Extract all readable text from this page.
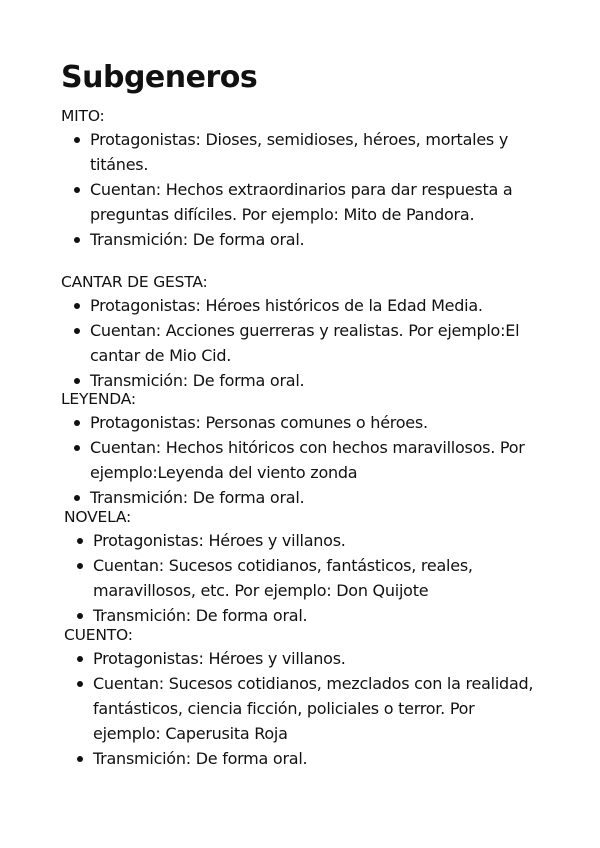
Subgeneros

MITO:

Protagonistas: Dioses, semidioses, héroes, mortales y titánes.
Cuentan: Hechos extraordinarios para dar respuesta a preguntas difíciles. Por ejemplo: Mito de Pandora.
Transmición: De forma oral.

CANTAR DE GESTA:

Protagonistas: Héroes históricos de la Edad Media.
Cuentan: Acciones guerreras y realistas. Por ejemplo:El cantar de Mio Cid.
Transmición: De forma oral.

LEYENDA:

Protagonistas: Personas comunes o héroes.
Cuentan: Hechos hitóricos con hechos maravillosos. Por ejemplo:Leyenda del viento zonda
Transmición: De forma oral.

NOVELA:

Protagonistas: Héroes y villanos.
Cuentan: Sucesos cotidianos, fantásticos, reales, maravillosos, etc. Por ejemplo: Don Quijote
Transmición: De forma oral.

CUENTO:

Protagonistas: Héroes y villanos.
Cuentan: Sucesos cotidianos, mezclados con la realidad, fantásticos, ciencia ficción, policiales o terror. Por ejemplo: Caperusita Roja
Transmición: De forma oral.
